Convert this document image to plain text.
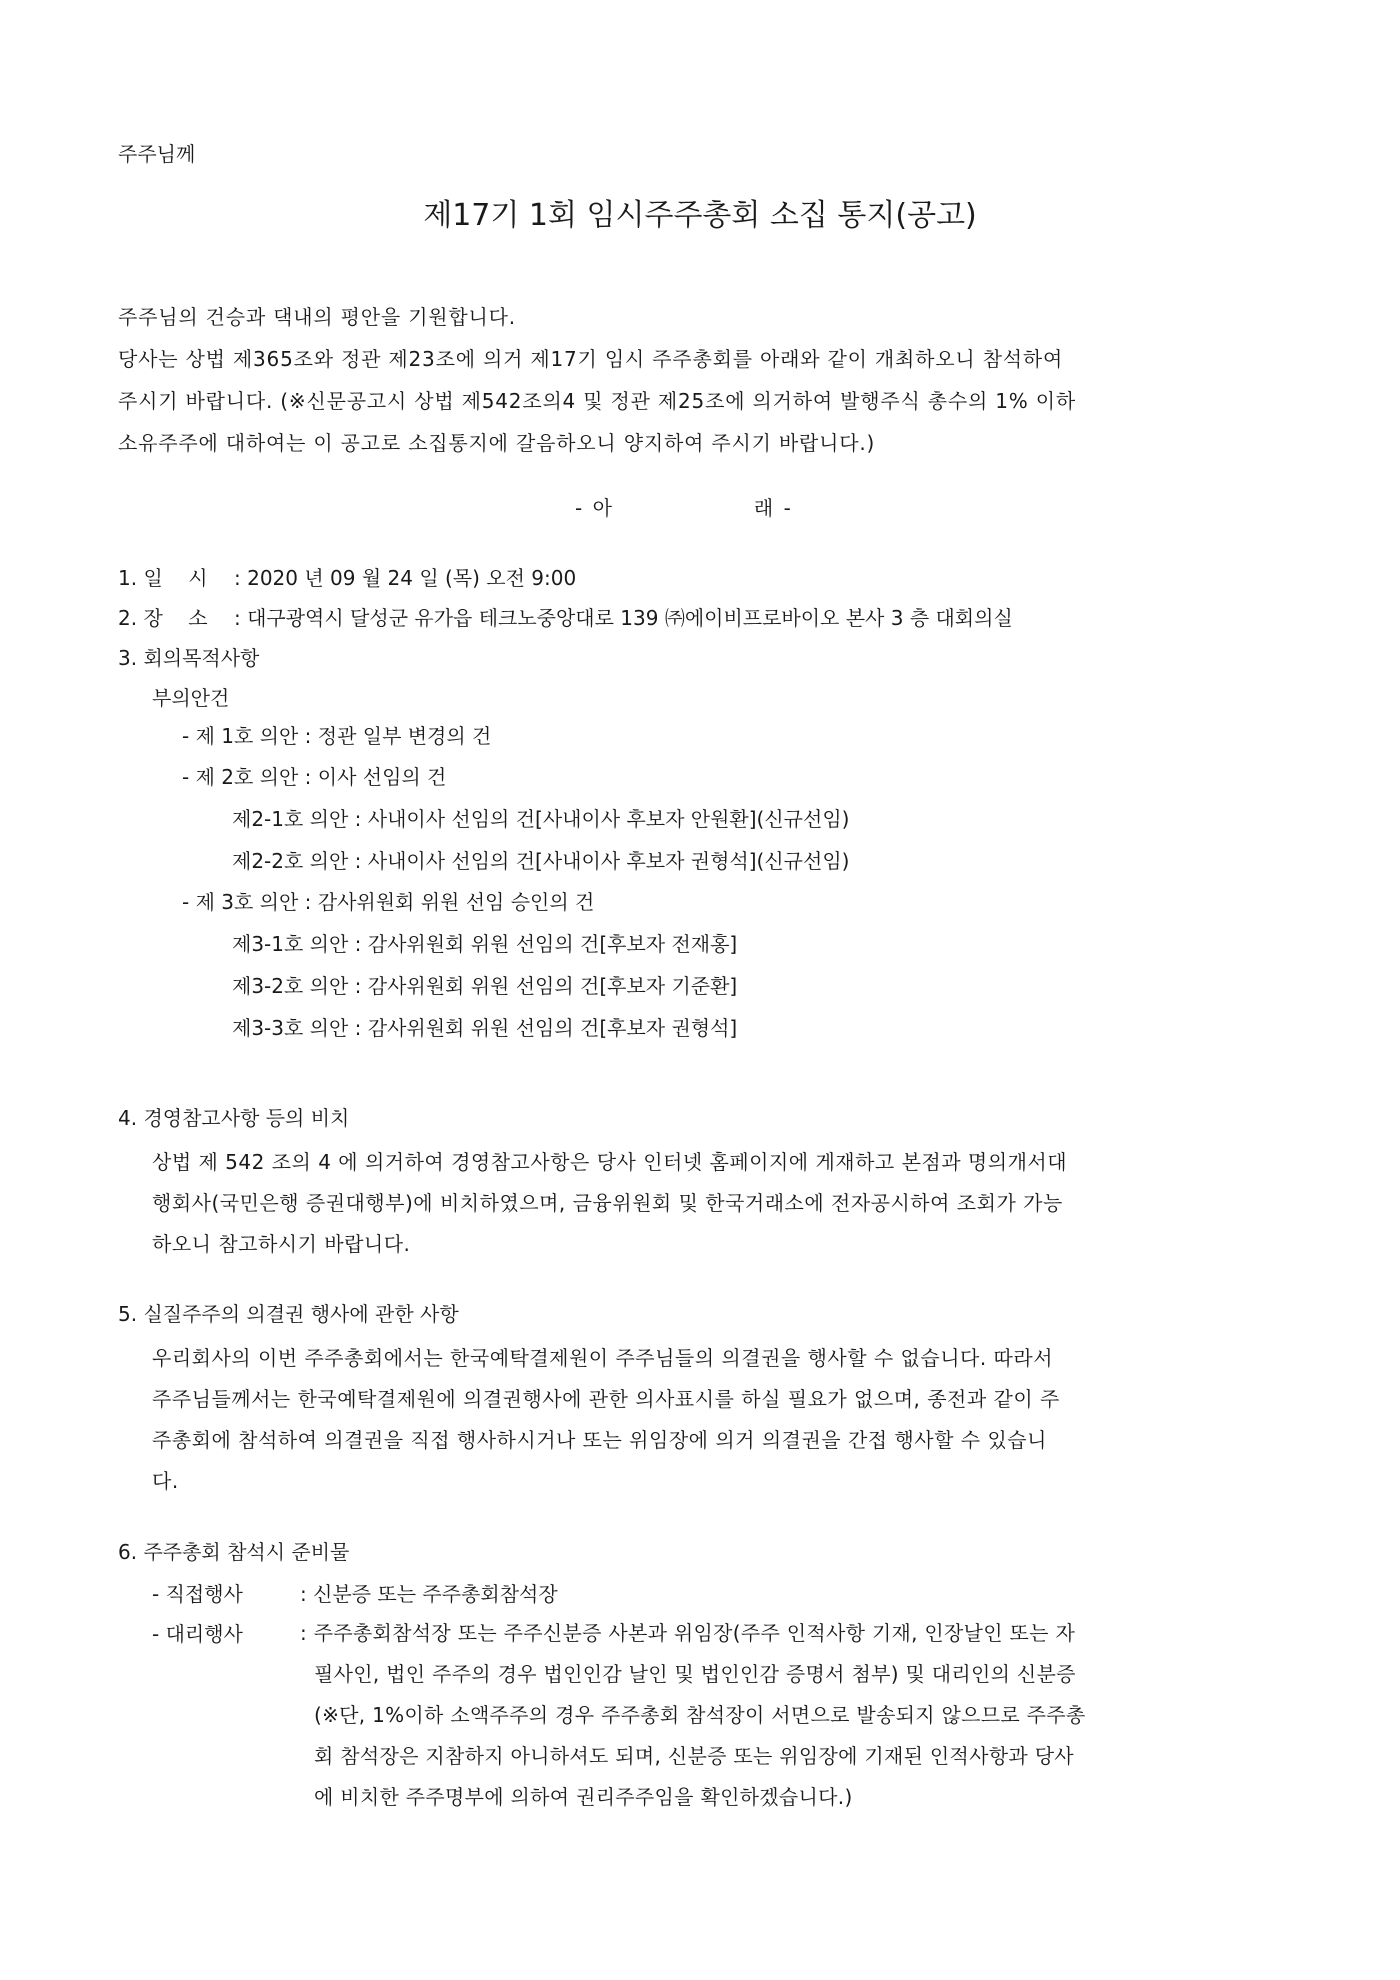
주주님께
제17기 1회 임시주주총회 소집 통지(공고)
주주님의 건승과 댁내의 평안을 기원합니다.
당사는 상법 제365조와 정관 제23조에 의거 제17기 임시 주주총회를 아래와 같이 개최하오니 참석하여
주시기 바랍니다. (※신문공고시 상법 제542조의4 및 정관 제25조에 의거하여 발행주식 총수의 1% 이하
소유주주에 대하여는 이 공고로 소집통지에 갈음하오니 양지하여 주시기 바랍니다.)
- 아	래 -
1. 일    시 : 2020 년 09 월 24 일 (목) 오전 9:00
2. 장    소 : 대구광역시 달성군 유가읍 테크노중앙대로 139 ㈜에이비프로바이오 본사 3 층 대회의실
3. 회의목적사항
부의안건
- 제 1호 의안 : 정관 일부 변경의 건
- 제 2호 의안 : 이사 선임의 건
제2-1호 의안 : 사내이사 선임의 건[사내이사 후보자 안원환](신규선임)
제2-2호 의안 : 사내이사 선임의 건[사내이사 후보자 권형석](신규선임)
- 제 3호 의안 : 감사위원회 위원 선임 승인의 건
제3-1호 의안 : 감사위원회 위원 선임의 건[후보자 전재홍]
제3-2호 의안 : 감사위원회 위원 선임의 건[후보자 기준환]
제3-3호 의안 : 감사위원회 위원 선임의 건[후보자 권형석]
4. 경영참고사항 등의 비치
상법 제 542 조의 4 에 의거하여 경영참고사항은 당사 인터넷 홈페이지에 게재하고 본점과 명의개서대
행회사(국민은행 증권대행부)에 비치하였으며, 금융위원회 및 한국거래소에 전자공시하여 조회가 가능
하오니 참고하시기 바랍니다.
5. 실질주주의 의결권 행사에 관한 사항
우리회사의 이번 주주총회에서는 한국예탁결제원이 주주님들의 의결권을 행사할 수 없습니다. 따라서
주주님들께서는 한국예탁결제원에 의결권행사에 관한 의사표시를 하실 필요가 없으며, 종전과 같이 주
주총회에 참석하여 의결권을 직접 행사하시거나 또는 위임장에 의거 의결권을 간접 행사할 수 있습니
다.
6. 주주총회 참석시 준비물
- 직접행사	: 신분증 또는 주주총회참석장
- 대리행사	: 주주총회참석장 또는 주주신분증 사본과 위임장(주주 인적사항 기재, 인장날인 또는 자
필사인, 법인 주주의 경우 법인인감 날인 및 법인인감 증명서 첨부) 및 대리인의 신분증
(※단, 1%이하 소액주주의 경우 주주총회 참석장이 서면으로 발송되지 않으므로 주주총
회 참석장은 지참하지 아니하셔도 되며, 신분증 또는 위임장에 기재된 인적사항과 당사
에 비치한 주주명부에 의하여 권리주주임을 확인하겠습니다.)
